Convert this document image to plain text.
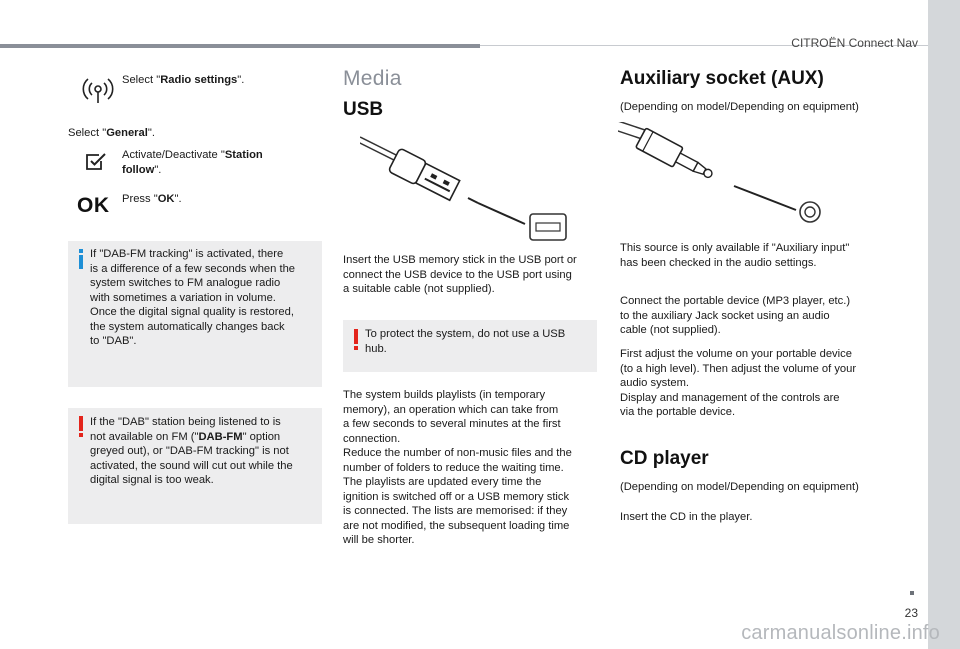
CITROËN Connect Nav
Select "Radio settings".
Select "General".
Activate/Deactivate "Station
follow".
OK Press "OK".
If "DAB-FM tracking" is activated, there
is a difference of a few seconds when the
system switches to FM analogue radio
with sometimes a variation in volume.
Once the digital signal quality is restored,
the system automatically changes back
to "DAB".
If the "DAB" station being listened to is
not available on FM ("DAB-FM" option
greyed out), or "DAB-FM tracking" is not
activated, the sound will cut out while the
digital signal is too weak.
Media
USB
Insert the USB memory stick in the USB port or
connect the USB device to the USB port using
a suitable cable (not supplied).
To protect the system, do not use a USB
hub.
The system builds playlists (in temporary
memory), an operation which can take from
a few seconds to several minutes at the first
connection.
Reduce the number of non-music files and the
number of folders to reduce the waiting time.
The playlists are updated every time the
ignition is switched off or a USB memory stick
is connected. The lists are memorised: if they
are not modified, the subsequent loading time
will be shorter.
Auxiliary socket (AUX)
(Depending on model/Depending on equipment)
This source is only available if "Auxiliary input"
has been checked in the audio settings.
Connect the portable device (MP3 player, etc.)
to the auxiliary Jack socket using an audio
cable (not supplied).
First adjust the volume on your portable device
(to a high level). Then adjust the volume of your
audio system.
Display and management of the controls are
via the portable device.
CD player
(Depending on model/Depending on equipment)
Insert the CD in the player.
23
carmanualsonline.info
